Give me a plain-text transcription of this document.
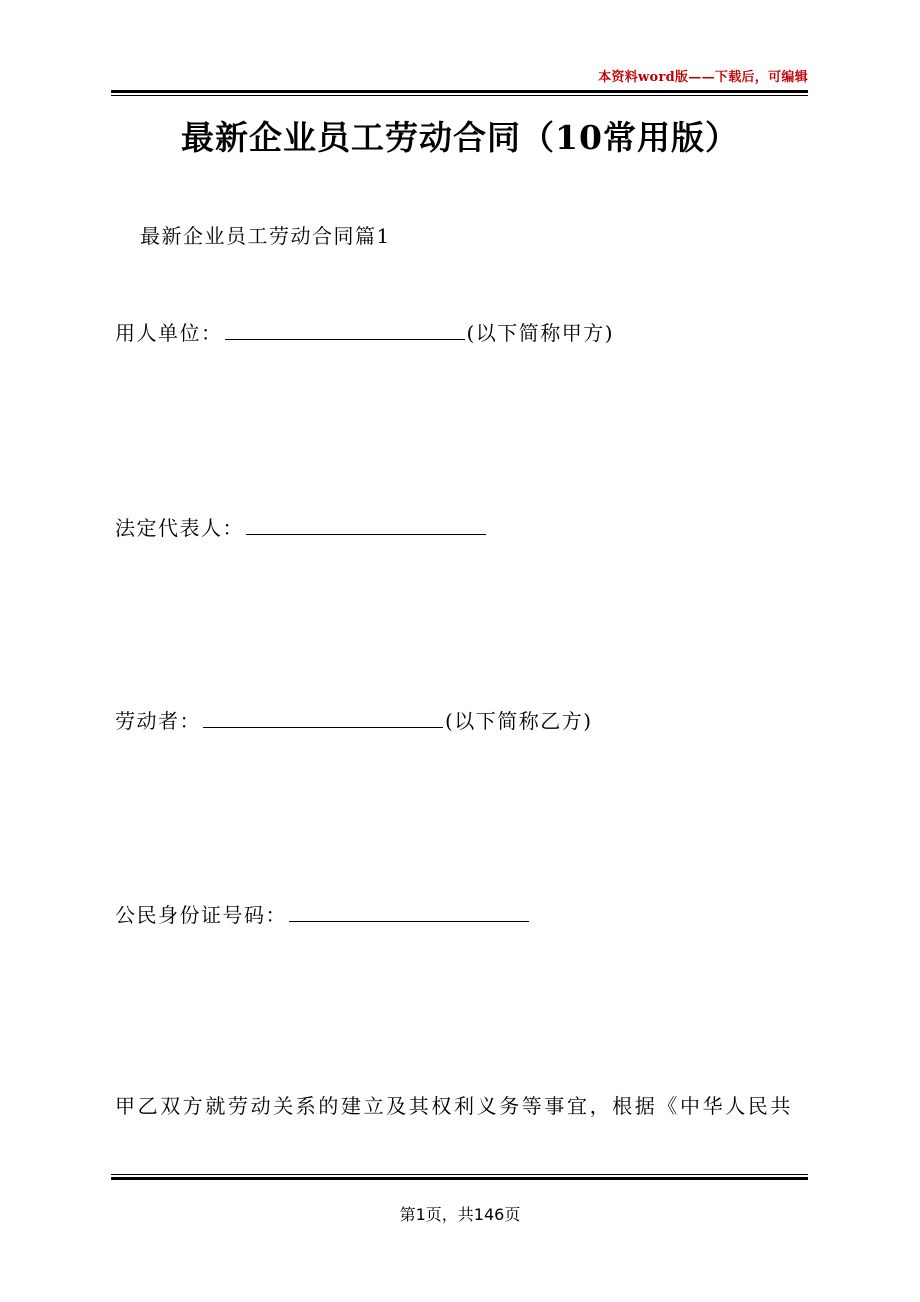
本资料word版——下载后，可编辑
最新企业员工劳动合同（10常用版）
最新企业员工劳动合同篇1
用人单位：	(以下简称甲方)
法定代表人：
劳动者：	(以下简称乙方)
公民身份证号码：
甲乙双方就劳动关系的建立及其权利义务等事宜，根据《中华人民共
第1页，共146页
